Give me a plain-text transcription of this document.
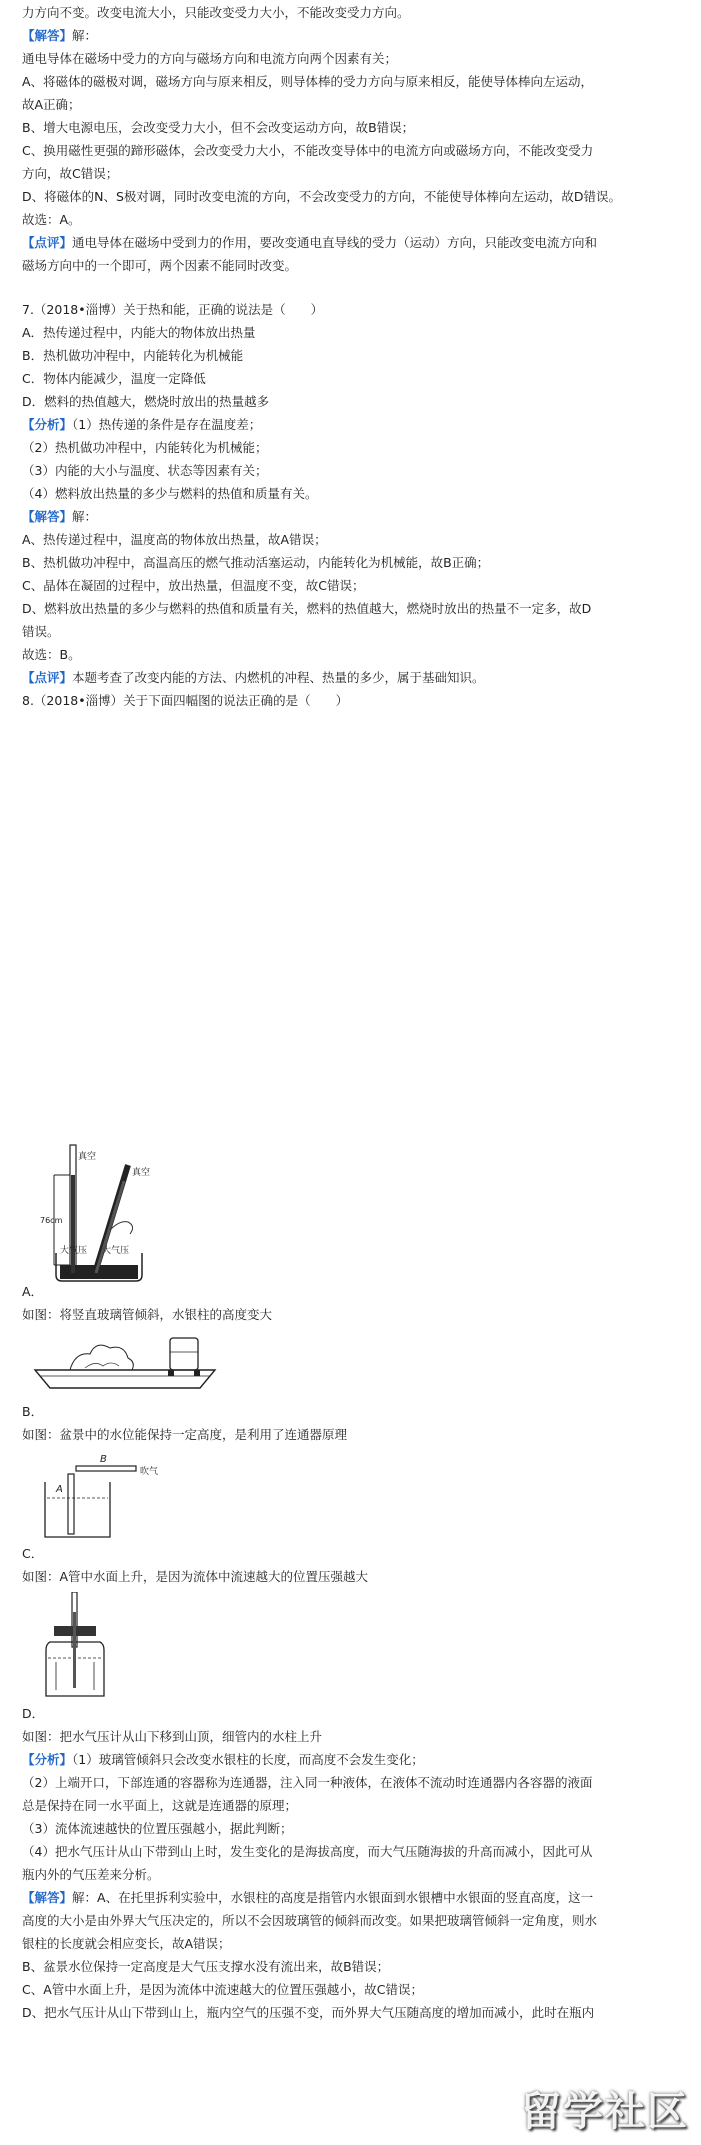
力方向不变。改变电流大小，只能改变受力大小，不能改变受力方向。
【解答】解：
通电导体在磁场中受力的方向与磁场方向和电流方向两个因素有关；
A、将磁体的磁极对调，磁场方向与原来相反，则导体棒的受力方向与原来相反，能使导体棒向左运动，
故A正确；
B、增大电源电压，会改变受力大小，但不会改变运动方向，故B错误；
C、换用磁性更强的蹄形磁体，会改变受力大小，不能改变导体中的电流方向或磁场方向，不能改变受力
方向，故C错误；
D、将磁体的N、S极对调，同时改变电流的方向，不会改变受力的方向，不能使导体棒向左运动，故D错误。
故选：A。
【点评】通电导体在磁场中受到力的作用，要改变通电直导线的受力（运动）方向，只能改变电流方向和
磁场方向中的一个即可，两个因素不能同时改变。
7.（2018•淄博）关于热和能，正确的说法是（　　）
A．热传递过程中，内能大的物体放出热量
B．热机做功冲程中，内能转化为机械能
C．物体内能减少，温度一定降低
D．燃料的热值越大，燃烧时放出的热量越多
【分析】（1）热传递的条件是存在温度差；
（2）热机做功冲程中，内能转化为机械能；
（3）内能的大小与温度、状态等因素有关；
（4）燃料放出热量的多少与燃料的热值和质量有关。
【解答】解：
A、热传递过程中，温度高的物体放出热量，故A错误；
B、热机做功冲程中，高温高压的燃气推动活塞运动，内能转化为机械能，故B正确；
C、晶体在凝固的过程中，放出热量，但温度不变，故C错误；
D、燃料放出热量的多少与燃料的热值和质量有关，燃料的热值越大，燃烧时放出的热量不一定多，故D
错误。
故选：B。
【点评】本题考查了改变内能的方法、内燃机的冲程、热量的多少，属于基础知识。
8.（2018•淄博）关于下面四幅图的说法正确的是（　　）
真空
真空
76cm
大气压 大气压
A．
如图：将竖直玻璃管倾斜，水银柱的高度变大
B．
如图：盆景中的水位能保持一定高度，是利用了连通器原理
B
A
吹气
C．
如图：A管中水面上升，是因为流体中流速越大的位置压强越大
D．
如图：把水气压计从山下移到山顶，细管内的水柱上升
【分析】（1）玻璃管倾斜只会改变水银柱的长度，而高度不会发生变化；
（2）上端开口，下部连通的容器称为连通器，注入同一种液体，在液体不流动时连通器内各容器的液面
总是保持在同一水平面上，这就是连通器的原理；
（3）流体流速越快的位置压强越小，据此判断；
（4）把水气压计从山下带到山上时，发生变化的是海拔高度，而大气压随海拔的升高而减小，因此可从
瓶内外的气压差来分析。
【解答】解：A、在托里拆利实验中，水银柱的高度是指管内水银面到水银槽中水银面的竖直高度，这一
高度的大小是由外界大气压决定的，所以不会因玻璃管的倾斜而改变。如果把玻璃管倾斜一定角度，则水
银柱的长度就会相应变长，故A错误；
B、盆景水位保持一定高度是大气压支撑水没有流出来，故B错误；
C、A管中水面上升，是因为流体中流速越大的位置压强越小，故C错误；
D、把水气压计从山下带到山上，瓶内空气的压强不变，而外界大气压随高度的增加而减小，此时在瓶内
留学社区
